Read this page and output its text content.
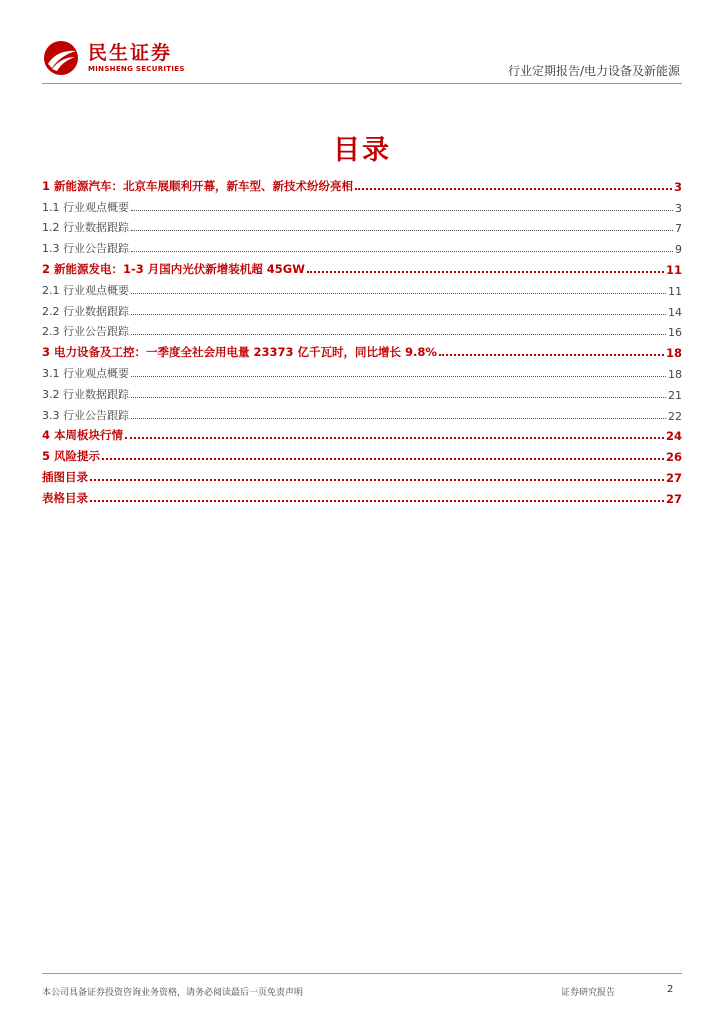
民生证券
MINSHENG SECURITIES	行业定期报告/电力设备及新能源
目录
1 新能源汽车：北京车展顺利开幕，新车型、新技术纷纷亮相	3
1.1 行业观点概要	3
1.2 行业数据跟踪	7
1.3 行业公告跟踪	9
2 新能源发电：1-3 月国内光伏新增装机超 45GW	11
2.1 行业观点概要	11
2.2 行业数据跟踪	14
2.3 行业公告跟踪	16
3 电力设备及工控：一季度全社会用电量 23373 亿千瓦时，同比增长 9.8%	18
3.1 行业观点概要	18
3.2 行业数据跟踪	21
3.3 行业公告跟踪	22
4 本周板块行情	24
5 风险提示	26
插图目录	27
表格目录	27
本公司具备证券投资咨询业务资格，请务必阅读最后一页免责声明	证券研究报告	2
